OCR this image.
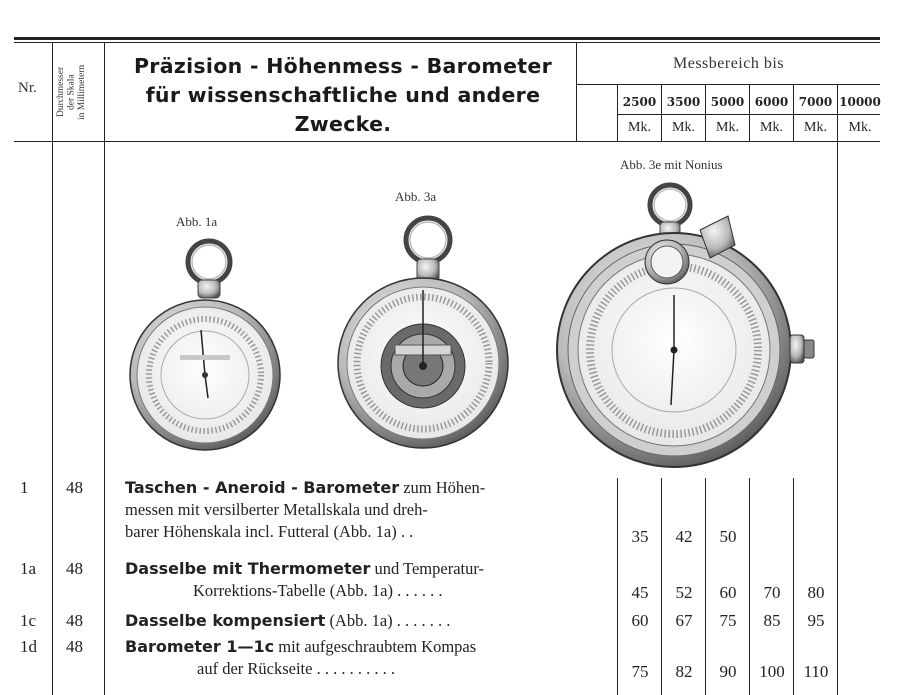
Nr. Durchmesser
der Skala
in Millimetern	Präzision - Höhenmess - Barometer
für wissenschaftliche und andere
Zwecke.
Messbereich bis
2500 3500 5000 6000 7000 10000
Mk.	Mk.	Mk.	Mk.	Mk.	Mk.
Abb. 1a
Abb. 3a
Abb. 3e mit Nonius
1 48	Taschen - Aneroid - Barometer zum Höhen-
messen mit versilberter Metallskala und dreh-
barer Höhenskala incl. Futteral (Abb. 1a) . .	35	42	50
1a 48	Dasselbe mit Thermometer und Temperatur-
Korrektions-Tabelle (Abb. 1a) . . . . . .	45	52	60	70	80
1c 48	Dasselbe kompensiert (Abb. 1a) . . . . . . .	60	67	75	85	95
1d 48	Barometer 1—1c mit aufgeschraubtem Kompas
auf der Rückseite . . . . . . . . . .	75	82	90	100	110
